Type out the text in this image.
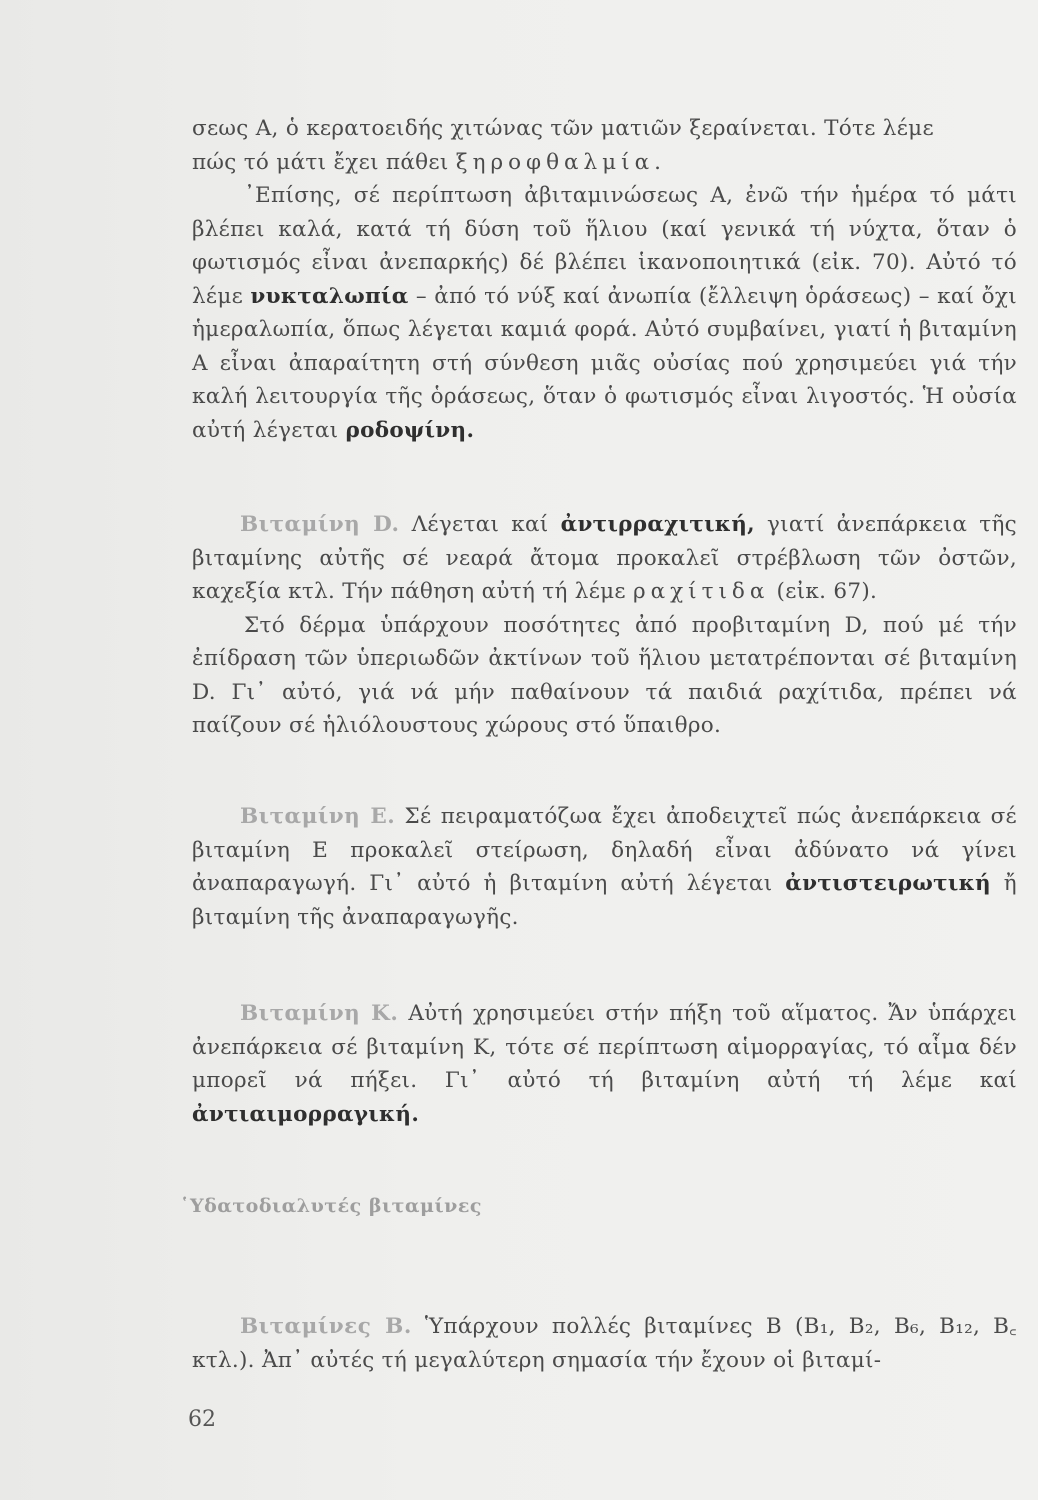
σεως Α, ὁ κερατοειδής χιτώνας τῶν ματιῶν ξεραίνεται. Τότε λέμε
πώς τό μάτι ἔχει πάθει ξηροφθαλμία.
᾿Επίσης, σέ περίπτωση ἀβιταμινώσεως Α, ἐνῶ τήν ἡμέρα τό μάτι βλέπει καλά, κατά τή δύση τοῦ ἥλιου (καί γενικά τή νύχτα, ὅταν ὁ φωτισμός εἶναι ἀνεπαρκής) δέ βλέπει ἱκανοποιητικά (εἰκ. 70). Αὐτό τό λέμε νυκταλωπία – ἀπό τό νύξ καί ἀνωπία (ἔλλειψη ὁράσεως) – καί ὄχι ἡμεραλωπία, ὅπως λέγεται καμιά φορά. Αὐτό συμβαίνει, γιατί ἡ βιταμίνη Α εἶναι ἀπαραίτητη στή σύνθεση μιᾶς οὐσίας πού χρησιμεύει γιά τήν καλή λειτουργία τῆς ὁράσεως, ὅταν ὁ φωτισμός εἶναι λιγοστός. Ἡ οὐσία αὐτή λέγεται ροδοψίνη.
Βιταμίνη D. Λέγεται καί ἀντιρραχιτική, γιατί ἀνεπάρκεια τῆς βιταμίνης αὐτῆς σέ νεαρά ἄτομα προκαλεῖ στρέβλωση τῶν ὀστῶν, καχεξία κτλ. Τήν πάθηση αὐτή τή λέμε ραχίτιδα (εἰκ. 67).
Στό δέρμα ὑπάρχουν ποσότητες ἀπό προβιταμίνη D, πού μέ τήν ἐπίδραση τῶν ὑπεριωδῶν ἀκτίνων τοῦ ἥλιου μετατρέπονται σέ βιταμίνη D. Γι᾿ αὐτό, γιά νά μήν παθαίνουν τά παιδιά ραχίτιδα, πρέπει νά παίζουν σέ ἡλιόλουστους χώρους στό ὕπαιθρο.
Βιταμίνη Ε. Σέ πειραματόζωα ἔχει ἀποδειχτεῖ πώς ἀνεπάρκεια σέ βιταμίνη Ε προκαλεῖ στείρωση, δηλαδή εἶναι ἀδύνατο νά γίνει ἀναπαραγωγή. Γι᾿ αὐτό ἡ βιταμίνη αὐτή λέγεται ἀντιστειρωτική ἤ βιταμίνη τῆς ἀναπαραγωγῆς.
Βιταμίνη Κ. Αὐτή χρησιμεύει στήν πήξη τοῦ αἵματος. Ἄν ὑπάρχει ἀνεπάρκεια σέ βιταμίνη Κ, τότε σέ περίπτωση αἱμορραγίας, τό αἷμα δέν μπορεῖ νά πήξει. Γι᾿ αὐτό τή βιταμίνη αὐτή τή λέμε καί ἀντιαιμορραγική.
῾Υδατοδιαλυτές βιταμίνες
Βιταμίνες Β. Ὑπάρχουν πολλές βιταμίνες Β (Β₁, Β₂, Β₆, Β₁₂, Β꜀ κτλ.). Ἀπ᾿ αὐτές τή μεγαλύτερη σημασία τήν ἔχουν οἱ βιταμί-
62
